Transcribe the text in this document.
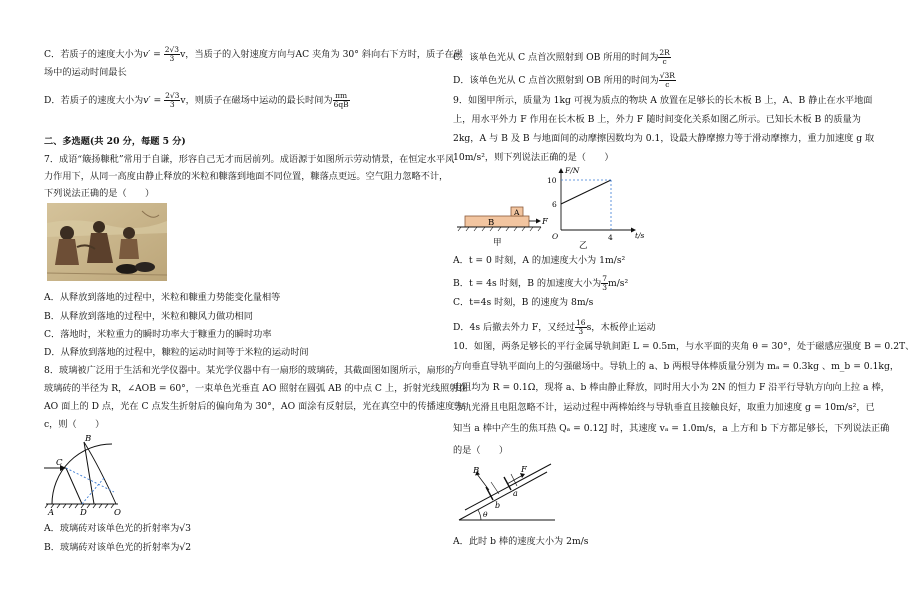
C．若质子的速度大小为$v' = \frac{2√3}{3}$ v，当质子的入射速度方向与AC 夹角为 30° 斜向右下方时，质子在磁
场中的运动时间最长
D．若质子的速度大小为$v' = \frac{2√3}{3}$ v，则质子在磁场中运动的最长时间为 $\frac{\pi m}{6qB}$
二、多选题(共 20 分，每题 5 分)
7．成语“簸扬糠秕”常用于自谦，形容自己无才而居前列。成语源于如图所示劳动情景，在恒定水平风
力作用下，从同一高度由静止释放的米粒和糠落到地面不同位置，糠落点更远。空气阻力忽略不计，
下列说法正确的是（　　）
A．从释放到落地的过程中，米粒和糠重力势能变化量相等
B．从释放到落地的过程中，米粒和糠风力做功相同
C．落地时，米粒重力的瞬时功率大于糠重力的瞬时功率
D．从释放到落地的过程中，糠粒的运动时间等于米粒的运动时间
8．玻璃被广泛用于生活和光学仪器中。某光学仪器中有一扇形的玻璃砖，其截面图如图所示，扇形的
玻璃砖的半径为 R，∠AOB = 60°，一束单色光垂直 AO 照射在圆弧 AB 的中点 C 上，折射光线照射在
AO 面上的 D 点，光在 C 点发生折射后的偏向角为 30°，AO 面涂有反射层，光在真空中的传播速度为
c，则（　　）
B
C
A	D	O
A．玻璃砖对该单色光的折射率为√3
B．玻璃砖对该单色光的折射率为√2
C．该单色光从 C 点首次照射到 OB 所用的时间为 $\frac{2R}{c}$
D．该单色光从 C 点首次照射到 OB 所用的时间为 $\frac{√3R}{c}$
9．如图甲所示，质量为 1kg 可视为质点的物块 A 放置在足够长的长木板 B 上，A、B 静止在水平地面
上，用水平外力 F 作用在长木板 B 上，外力 F 随时间变化关系如图乙所示。已知长木板 B 的质量为
2kg，A 与 B 及 B 与地面间的动摩擦因数均为 0.1，设最大静摩擦力等于滑动摩擦力，重力加速度 g 取
10m/s²，则下列说法正确的是（　　）
B
A
F
甲
F/N
10
6
4	t/s
O
乙
A．t = 0 时刻，A 的加速度大小为 1m/s²
B．t = 4s 时刻，B 的加速度大小为 $\frac{7}{3} m/s^2$
C．t=4s 时刻，B 的速度为 8m/s
D．4s 后撤去外力 F，又经过 $\frac{16}{3}$ s，木板停止运动
10．如图，两条足够长的平行金属导轨间距 L = 0.5m，与水平面的夹角 θ = 30°，处于磁感应强度 B = 0.2T、
方向垂直导轨平面向上的匀强磁场中。导轨上的 a、b 两根导体棒质量分别为 mₐ = 0.3kg 、m_b = 0.1kg，
电阻均为 R = 0.1Ω，现将 a、b 棒由静止释放，同时用大小为 2N 的恒力 F 沿平行导轨方向向上拉 a 棒，
导轨光滑且电阻忽略不计，运动过程中两棒始终与导轨垂直且接触良好，取重力加速度 g = 10m/s²，已
知当 a 棒中产生的焦耳热 Qₐ = 0.12J 时，其速度 vₐ = 1.0m/s，a 上方和 b 下方都足够长，下列说法正确
的是（　　）
B	F
a
b
θ
A．此时 b 棒的速度大小为 2m/s
